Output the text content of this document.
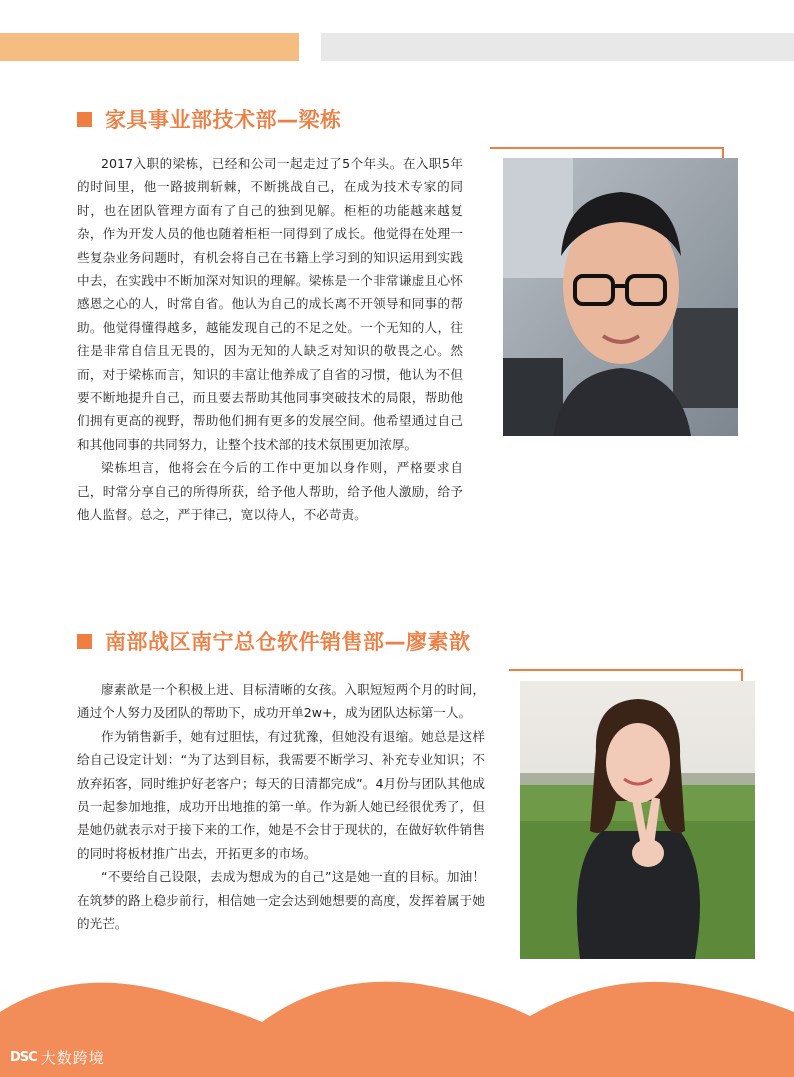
家具事业部技术部—梁栋

2017入职的梁栋，已经和公司一起走过了5个年头。在入职5年的时间里，他一路披荆斩棘，不断挑战自己，在成为技术专家的同时，也在团队管理方面有了自己的独到见解。柜柜的功能越来越复杂，作为开发人员的他也随着柜柜一同得到了成长。他觉得在处理一些复杂业务问题时，有机会将自己在书籍上学习到的知识运用到实践中去，在实践中不断加深对知识的理解。梁栋是一个非常谦虚且心怀感恩之心的人，时常自省。他认为自己的成长离不开领导和同事的帮助。他觉得懂得越多，越能发现自己的不足之处。一个无知的人，往往是非常自信且无畏的，因为无知的人缺乏对知识的敬畏之心。然而，对于梁栋而言，知识的丰富让他养成了自省的习惯，他认为不但要不断地提升自己，而且要去帮助其他同事突破技术的局限，帮助他们拥有更高的视野，帮助他们拥有更多的发展空间。他希望通过自己和其他同事的共同努力，让整个技术部的技术氛围更加浓厚。

梁栋坦言，他将会在今后的工作中更加以身作则，严格要求自己，时常分享自己的所得所获，给予他人帮助，给予他人激励，给予他人监督。总之，严于律己，宽以待人，不必苛责。

南部战区南宁总仓软件销售部—廖素歆

廖素歆是一个积极上进、目标清晰的女孩。入职短短两个月的时间，通过个人努力及团队的帮助下，成功开单2w+，成为团队达标第一人。

作为销售新手，她有过胆怯，有过犹豫，但她没有退缩。她总是这样给自己设定计划：“为了达到目标，我需要不断学习、补充专业知识；不放弃拓客，同时维护好老客户；每天的日清都完成”。4月份与团队其他成员一起参加地推，成功开出地推的第一单。作为新人她已经很优秀了，但是她仍就表示对于接下来的工作，她是不会甘于现状的，在做好软件销售的同时将板材推广出去，开拓更多的市场。

“不要给自己设限，去成为想成为的自己”这是她一直的目标。加油！在筑梦的路上稳步前行，相信她一定会达到她想要的高度，发挥着属于她的光芒。

DSC 大数跨境
